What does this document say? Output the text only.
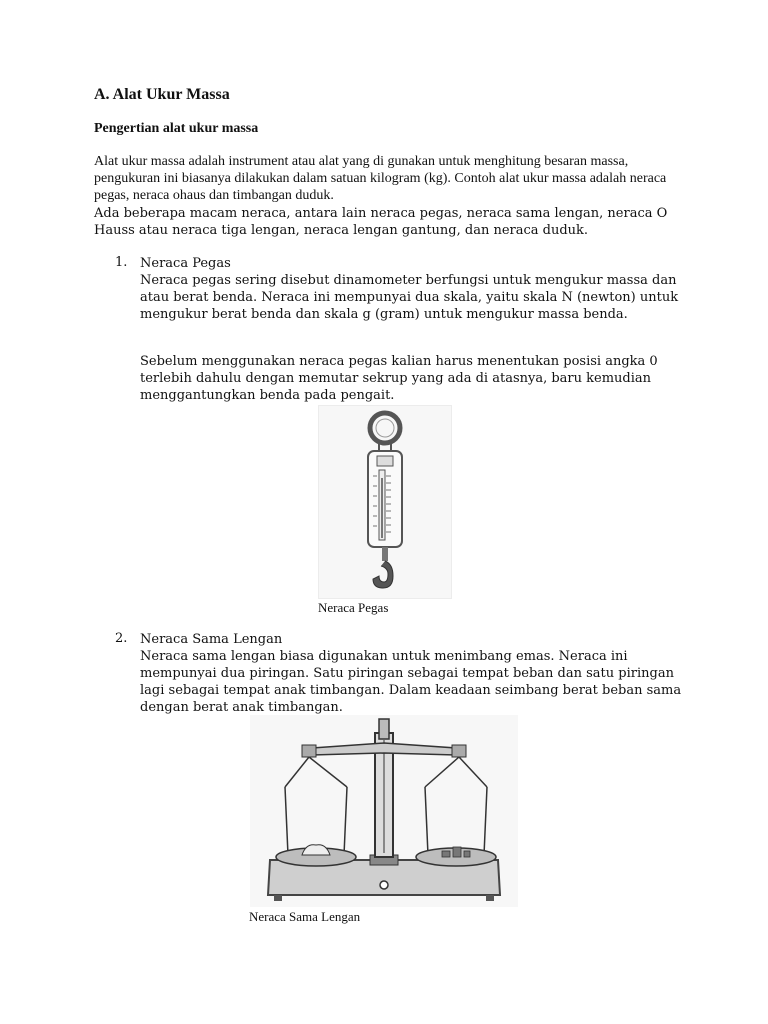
A. Alat Ukur Massa
Pengertian alat ukur massa

Alat ukur massa adalah instrument atau alat yang di gunakan untuk menghitung besaran massa, pengukuran ini biasanya dilakukan dalam satuan kilogram (kg). Contoh alat ukur massa adalah neraca pegas, neraca ohaus dan timbangan duduk.

Ada beberapa macam neraca, antara lain neraca pegas, neraca sama lengan, neraca O Hauss atau neraca tiga lengan, neraca lengan gantung, dan neraca duduk.

1. Neraca Pegas

Neraca pegas sering disebut dinamometer berfungsi untuk mengukur massa dan atau berat benda. Neraca ini mempunyai dua skala, yaitu skala N (newton) untuk mengukur berat benda dan skala g (gram) untuk mengukur massa benda.

Sebelum menggunakan neraca pegas kalian harus menentukan posisi angka 0 terlebih dahulu dengan memutar sekrup yang ada di atasnya, baru kemudian menggantungkan benda pada pengait.

Neraca Pegas
2. Neraca Sama Lengan

Neraca sama lengan biasa digunakan untuk menimbang emas. Neraca ini mempunyai dua piringan. Satu piringan sebagai tempat beban dan satu piringan lagi sebagai tempat anak timbangan. Dalam keadaan seimbang berat beban sama dengan berat anak timbangan.

Neraca Sama Lengan
